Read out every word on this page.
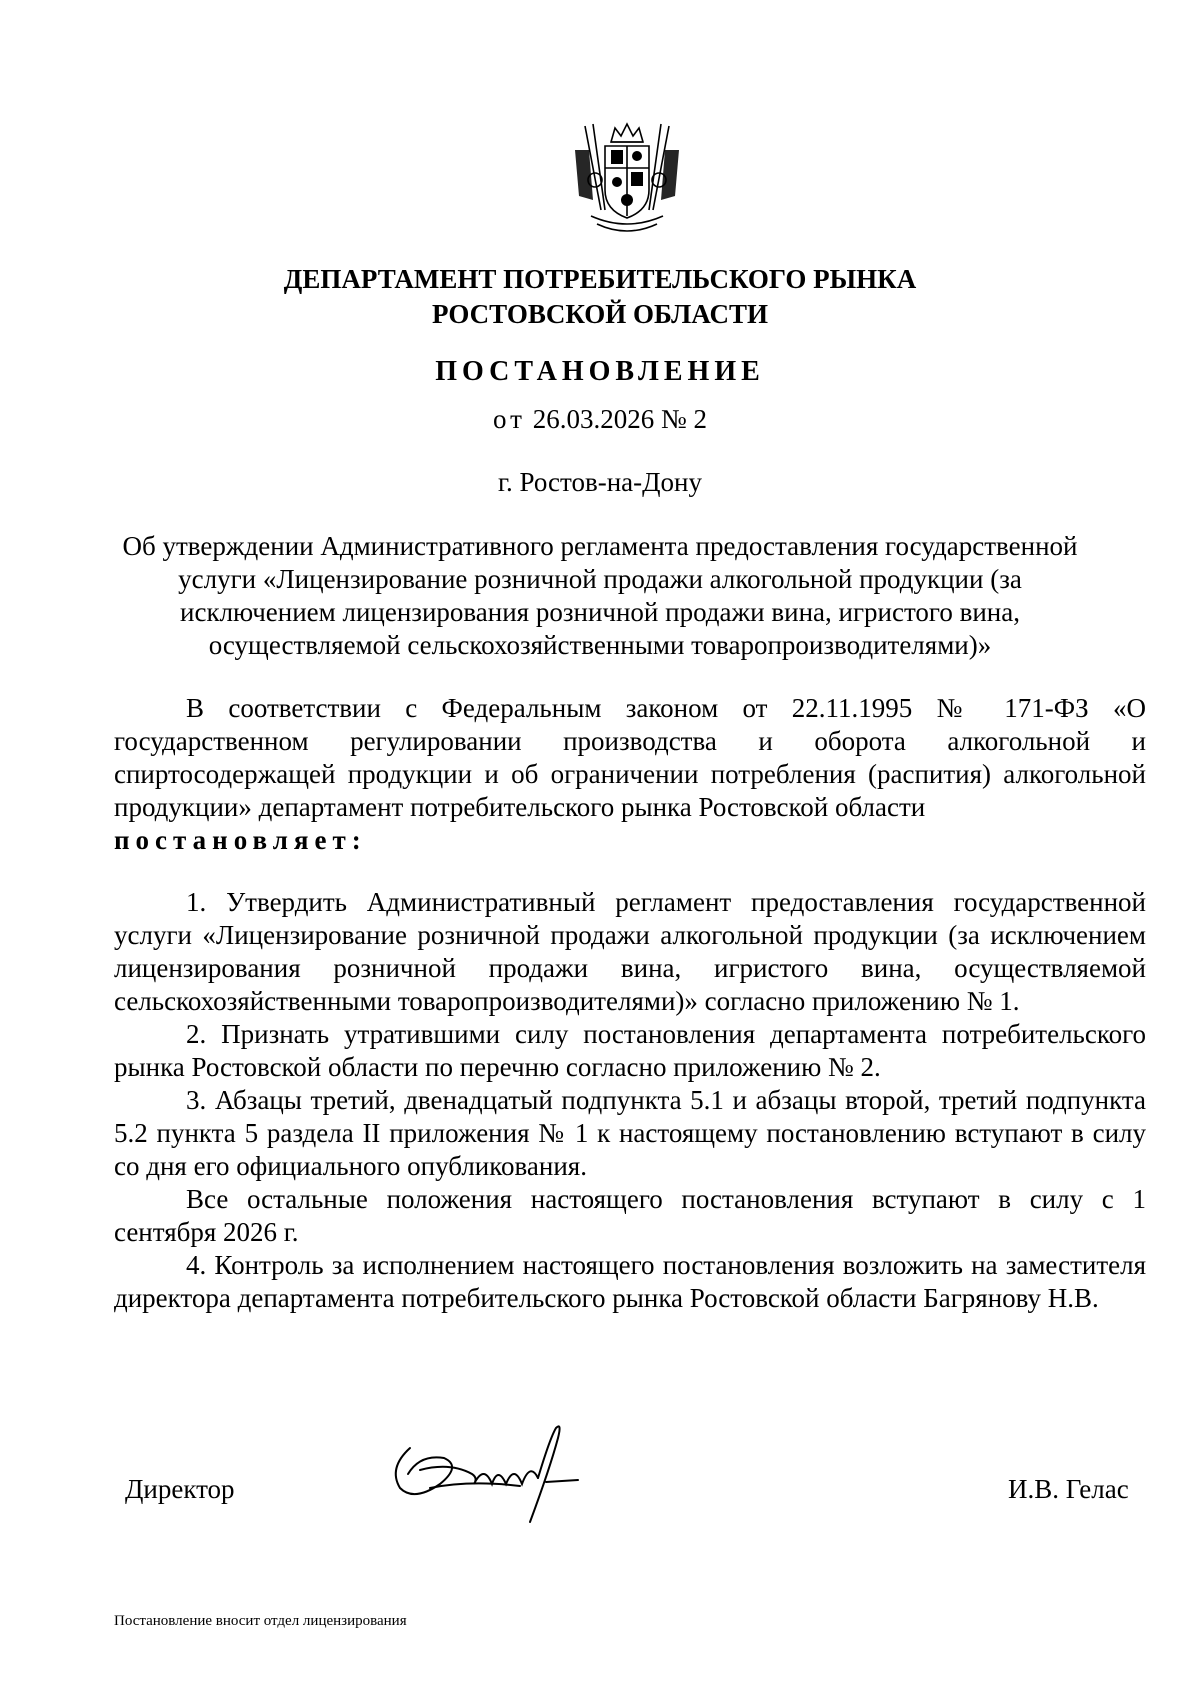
ДЕПАРТАМЕНТ ПОТРЕБИТЕЛЬСКОГО РЫНКА
РОСТОВСКОЙ ОБЛАСТИ
ПОСТАНОВЛЕНИЕ
от 26.03.2026 № 2
г. Ростов-на-Дону
Об утверждении Административного регламента предоставления государственной
услуги «Лицензирование розничной продажи алкогольной продукции (за
исключением лицензирования розничной продажи вина, игристого вина,
осуществляемой сельскохозяйственными товаропроизводителями)»

В соответствии с Федеральным законом от 22.11.1995 № 171-ФЗ «О государственном регулировании производства и оборота алкогольной и спиртосодержащей продукции и об ограничении потребления (распития) алкогольной продукции» департамент потребительского рынка Ростовской области

постановляет:

1. Утвердить Административный регламент предоставления государственной услуги «Лицензирование розничной продажи алкогольной продукции (за исключением лицензирования розничной продажи вина, игристого вина, осуществляемой сельскохозяйственными товаропроизводителями)» согласно приложению № 1.

2. Признать утратившими силу постановления департамента потребительского рынка Ростовской области по перечню согласно приложению № 2.

3. Абзацы третий, двенадцатый подпункта 5.1 и абзацы второй, третий подпункта 5.2 пункта 5 раздела II приложения № 1 к настоящему постановлению вступают в силу со дня его официального опубликования.

Все остальные положения настоящего постановления вступают в силу с 1 сентября 2026 г.

4. Контроль за исполнением настоящего постановления возложить на заместителя директора департамента потребительского рынка Ростовской области Багрянову Н.В.

Директор	И.В. Гелас
Постановление вносит отдел лицензирования
